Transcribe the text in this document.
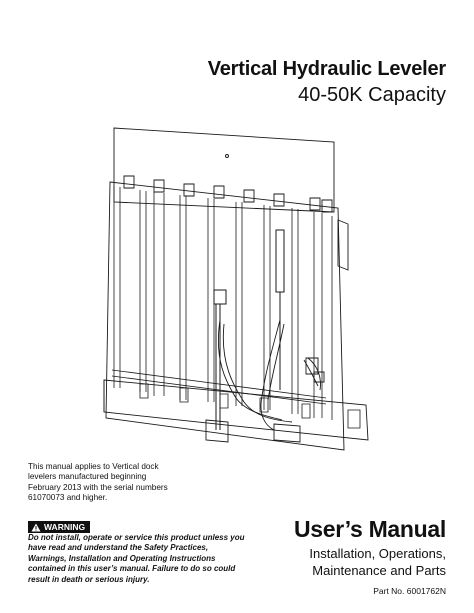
Vertical Hydraulic Leveler
40-50K Capacity
This manual applies to Vertical dock levelers manufactured beginning February 2013 with the serial numbers 61070073 and higher.
WARNING
Do not install, operate or service this product unless you have read and understand the Safety Practices, Warnings, Installation and Operating Instructions contained in this user’s manual. Failure to do so could result in death or serious injury.
User’s Manual
Installation, Operations,
Maintenance and Parts
Part No. 6001762N
